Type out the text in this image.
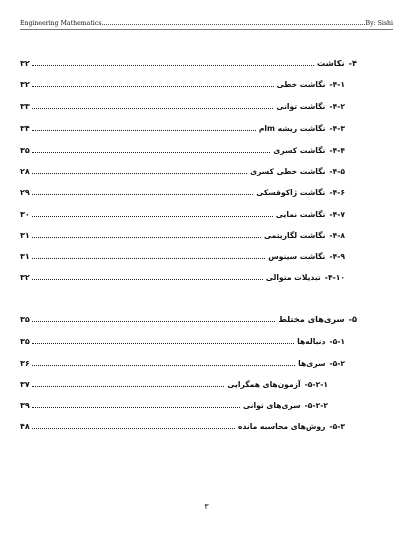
Engineering Mathematics	By: Sishi
۴-
نکاشت
۳۲
۴-۱-
نگاشت خطی
۳۲
۴-۲-
نگاشت توانی
۳۳
۴-۳-
نگاشت ریشه m‌ام
۳۴
۴-۴-
نگاشت کسری
۳۵
۴-۵-
نگاشت خطی کسری
۲۸
۴-۶-
نگاشت ژاکوفسکی
۲۹
۴-۷-
نگاشت نمایی
۳۰
۴-۸-
نگاشت لگاریتمی
۳۱
۴-۹-
نگاشت سینوس
۳۱
۴-۱۰-
تبدیلات متوالی
۳۲
۵-
سری‌های مختلط
۳۵
۵-۱-
دنباله‌ها
۳۵
۵-۲-
سری‌ها
۳۶
۵-۲-۱-
آزمون‌های همگرایی
۳۷
۵-۲-۲-
سری‌های توانی
۳۹
۵-۳-
روش‌های محاسبه مانده
۴۸
۳
